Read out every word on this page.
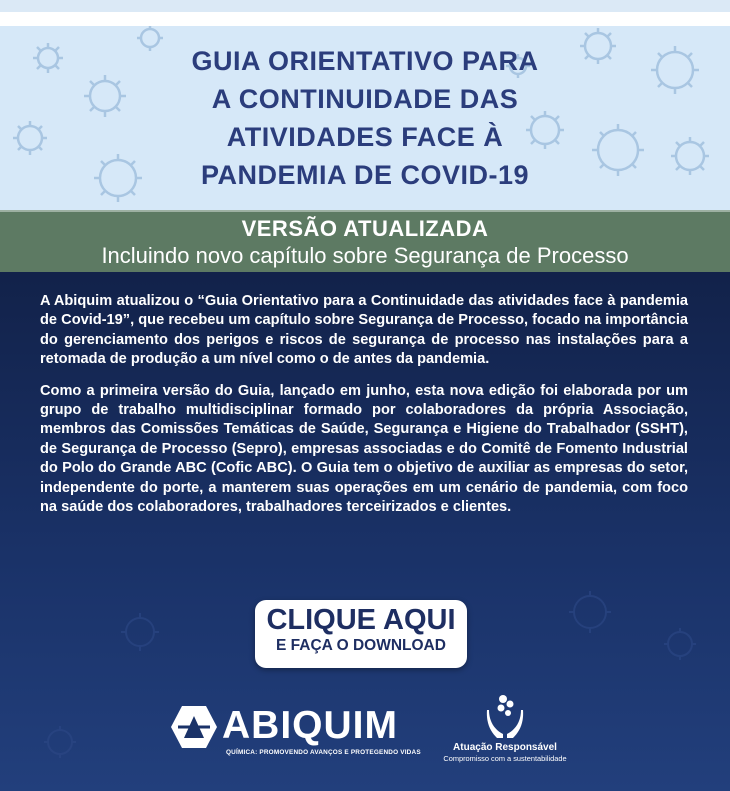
GUIA ORIENTATIVO PARA
A CONTINUIDADE DAS
ATIVIDADES FACE À
PANDEMIA DE COVID-19
VERSÃO ATUALIZADA
Incluindo novo capítulo sobre Segurança de Processo

A Abiquim atualizou o “Guia Orientativo para a Continuidade das atividades face à pandemia de Covid-19”, que recebeu um capítulo sobre Segurança de Processo, focado na importância do gerenciamento dos perigos e riscos de segurança de processo nas instalações para a retomada de produção a um nível como o de antes da pandemia.

Como a primeira versão do Guia, lançado em junho, esta nova edição foi elaborada por um grupo de trabalho multidisciplinar formado por colaboradores da própria Associação, membros das Comissões Temáticas de Saúde, Segurança e Higiene do Trabalhador (SSHT), de Segurança de Processo (Sepro), empresas associadas e do Comitê de Fomento Industrial do Polo do Grande ABC (Cofic ABC). O Guia tem o objetivo de auxiliar as empresas do setor, independente do porte, a manterem suas operações em um cenário de pandemia, com foco na saúde dos colaboradores, trabalhadores terceirizados e clientes.

CLIQUE AQUI
E FAÇA O DOWNLOAD
ABIQUIM
QUÍMICA: PROMOVENDO AVANÇOS E PROTEGENDO VIDAS	Atuação Responsável
Compromisso com a sustentabilidade
